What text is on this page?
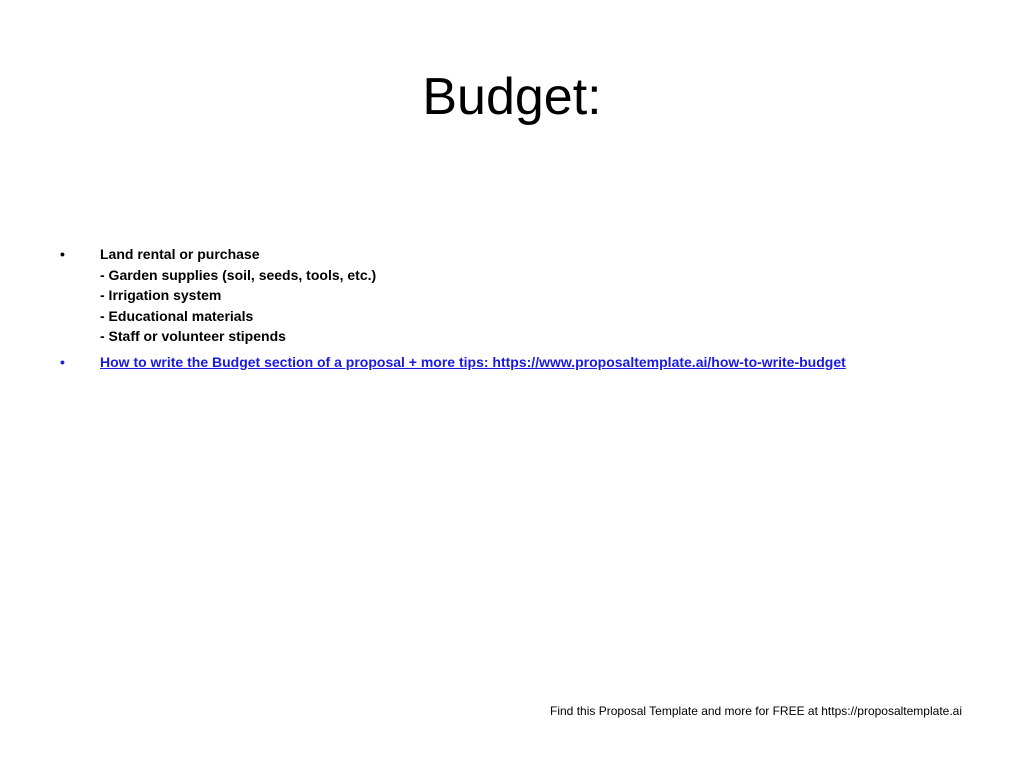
Budget:
•	Land rental or purchase
- Garden supplies (soil, seeds, tools, etc.)
- Irrigation system
- Educational materials
- Staff or volunteer stipends
•	How to write the Budget section of a proposal + more tips: https://www.proposaltemplate.ai/how-to-write-budget
Find this Proposal Template and more for FREE at https://proposaltemplate.ai
